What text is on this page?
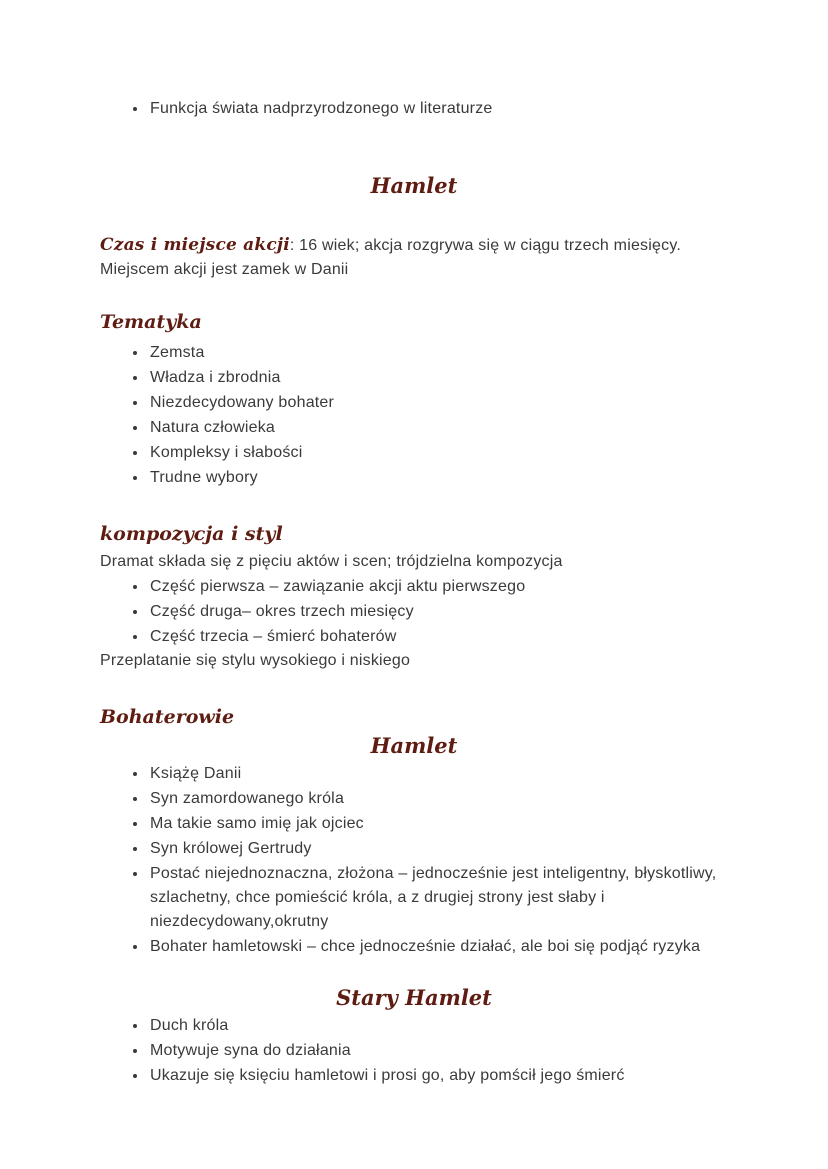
• Funkcja świata nadprzyrodzonego w literaturze
Hamlet

Czas i miejsce akcji: 16 wiek; akcja rozgrywa się w ciągu trzech miesięcy.
Miejscem akcji jest zamek w Danii

Tematyka
• Zemsta
• Władza i zbrodnia
• Niezdecydowany bohater
• Natura człowieka
• Kompleksy i słabości
• Trudne wybory
kompozycja i styl

Dramat składa się z pięciu aktów i scen; trójdzielna kompozycja

• Część pierwsza – zawiązanie akcji aktu pierwszego
• Część druga– okres trzech miesięcy
• Część trzecia – śmierć bohaterów

Przeplatanie się stylu wysokiego i niskiego

Bohaterowie
Hamlet
• Książę Danii
• Syn zamordowanego króla
• Ma takie samo imię jak ojciec
• Syn królowej Gertrudy
• Postać niejednoznaczna, złożona – jednocześnie jest inteligentny, błyskotliwy, szlachetny, chce pomieścić króla, a z drugiej strony jest słaby i niezdecydowany,okrutny
• Bohater hamletowski – chce jednocześnie działać, ale boi się podjąć ryzyka
Stary Hamlet
• Duch króla
• Motywuje syna do działania
• Ukazuje się księciu hamletowi i prosi go, aby pomścił jego śmierć
